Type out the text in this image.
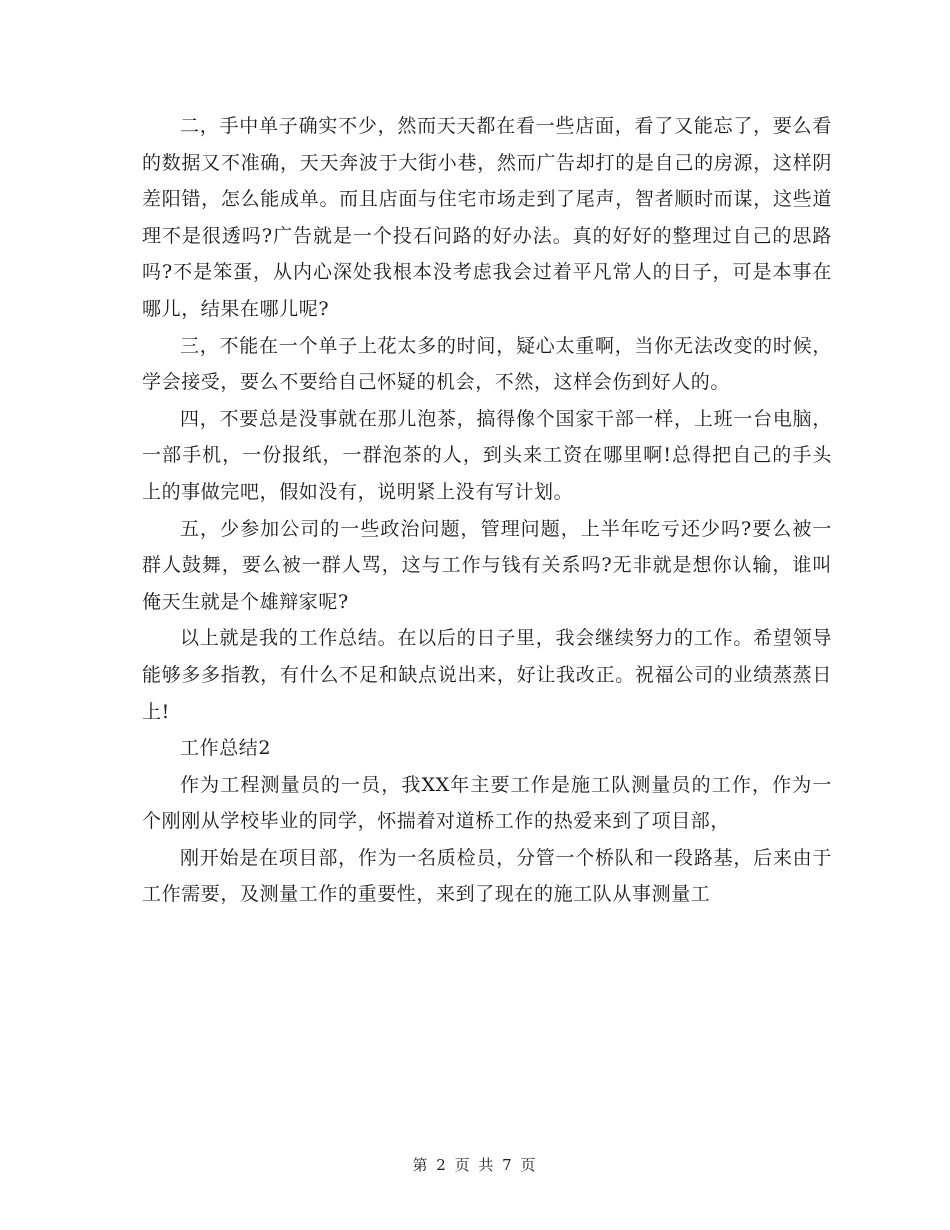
二，手中单子确实不少，然而天天都在看一些店面，看了又能忘了，要么看的数据又不准确，天天奔波于大街小巷，然而广告却打的是自己的房源，这样阴差阳错，怎么能成单。而且店面与住宅市场走到了尾声，智者顺时而谋，这些道理不是很透吗?广告就是一个投石问路的好办法。真的好好的整理过自己的思路吗?不是笨蛋，从内心深处我根本没考虑我会过着平凡常人的日子，可是本事在哪儿，结果在哪儿呢?

三，不能在一个单子上花太多的时间，疑心太重啊，当你无法改变的时候，学会接受，要么不要给自己怀疑的机会，不然，这样会伤到好人的。

四，不要总是没事就在那儿泡茶，搞得像个国家干部一样，上班一台电脑，一部手机，一份报纸，一群泡茶的人，到头来工资在哪里啊!总得把自己的手头上的事做完吧，假如没有，说明紧上没有写计划。

五，少参加公司的一些政治问题，管理问题，上半年吃亏还少吗?要么被一群人鼓舞，要么被一群人骂，这与工作与钱有关系吗?无非就是想你认输，谁叫俺天生就是个雄辩家呢?

以上就是我的工作总结。在以后的日子里，我会继续努力的工作。希望领导能够多多指教，有什么不足和缺点说出来，好让我改正。祝福公司的业绩蒸蒸日上!

工作总结2

作为工程测量员的一员，我XX年主要工作是施工队测量员的工作，作为一个刚刚从学校毕业的同学，怀揣着对道桥工作的热爱来到了项目部，

刚开始是在项目部，作为一名质检员，分管一个桥队和一段路基，后来由于工作需要，及测量工作的重要性，来到了现在的施工队从事测量工

第 2 页 共 7 页
